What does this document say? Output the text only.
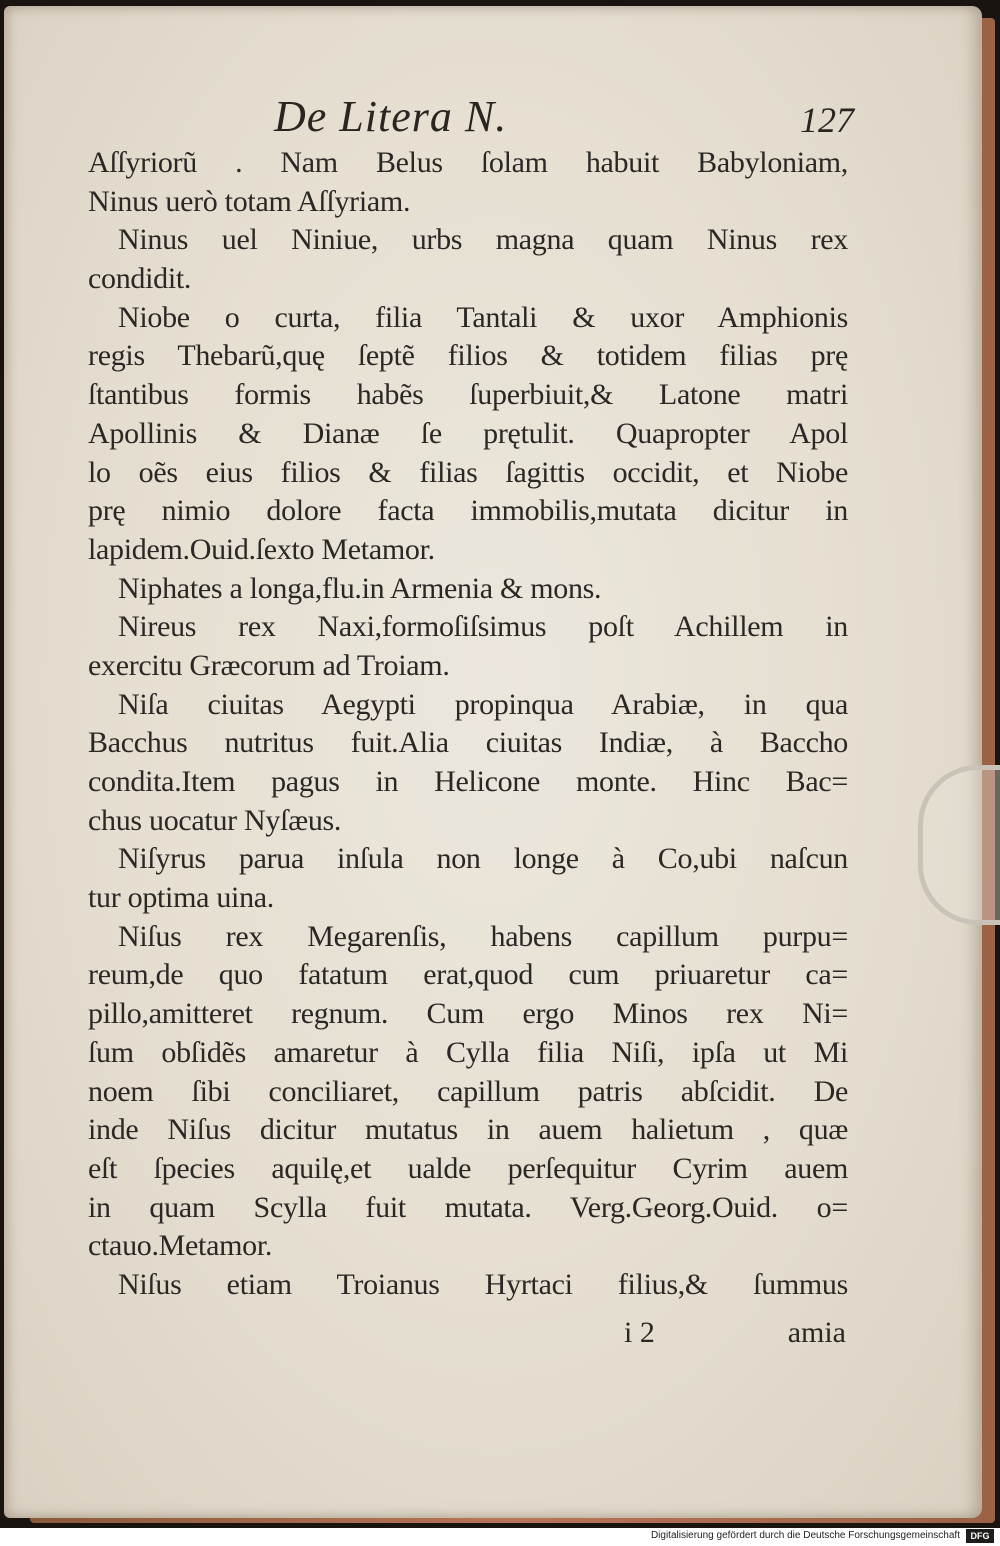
De Litera N.	127
Aſſyriorũ . Nam Belus ſolam habuit Babyloniam,
Ninus uerò totam Aſſyriam.
Ninus uel Niniue, urbs magna quam Ninus rex
condidit.
Niobe o curta, filia Tantali & uxor Amphionis
regis Thebarũ,quę ſeptẽ filios & totidem filias prę
ſtantibus formis habẽs ſuperbiuit,& Latone matri
Apollinis & Dianæ ſe prętulit. Quapropter Apol
lo oẽs eius filios & filias ſagittis occidit, et Niobe
prę nimio dolore facta immobilis,mutata dicitur in
lapidem.Ouid.ſexto Metamor.
Niphates a longa,flu.in Armenia & mons.
Nireus rex Naxi,formoſiſsimus poſt Achillem in
exercitu Græcorum ad Troiam.
Niſa ciuitas Aegypti propinqua Arabiæ, in qua
Bacchus nutritus fuit.Alia ciuitas Indiæ, à Baccho
condita.Item pagus in Helicone monte. Hinc Bac=
chus uocatur Nyſæus.
Niſyrus parua inſula non longe à Co,ubi naſcun
tur optima uina.
Niſus rex Megarenſis, habens capillum purpu=
reum,de quo fatatum erat,quod cum priuaretur ca=
pillo,amitteret regnum. Cum ergo Minos rex Ni=
ſum obſidẽs amaretur à Cylla filia Niſi, ipſa ut Mi
noem ſibi conciliaret, capillum patris abſcidit. De
inde Niſus dicitur mutatus in auem halietum , quæ
eſt ſpecies aquilę,et ualde perſequitur Cyrim auem
in quam Scylla fuit mutata. Verg.Georg.Ouid. o=
ctauo.Metamor.
Niſus etiam Troianus Hyrtaci filius,& ſummus
i 2	amia
Digitalisierung gefördert durch die Deutsche Forschungsgemeinschaft	DFG
